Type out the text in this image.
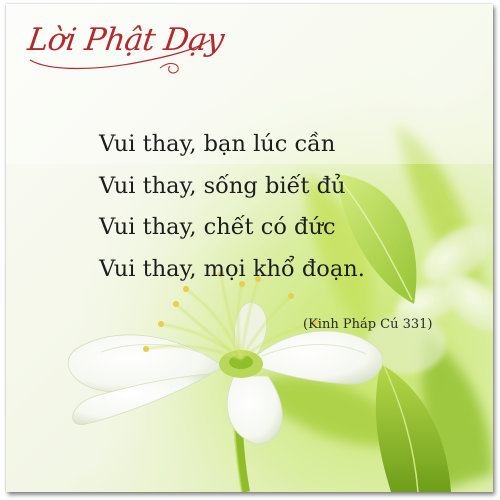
Lời Phật Dạy
Vui thay, bạn lúc cần
Vui thay, sống biết đủ
Vui thay, chết có đức
Vui thay, mọi khổ đoạn.
(Kinh Pháp Cú 331)
